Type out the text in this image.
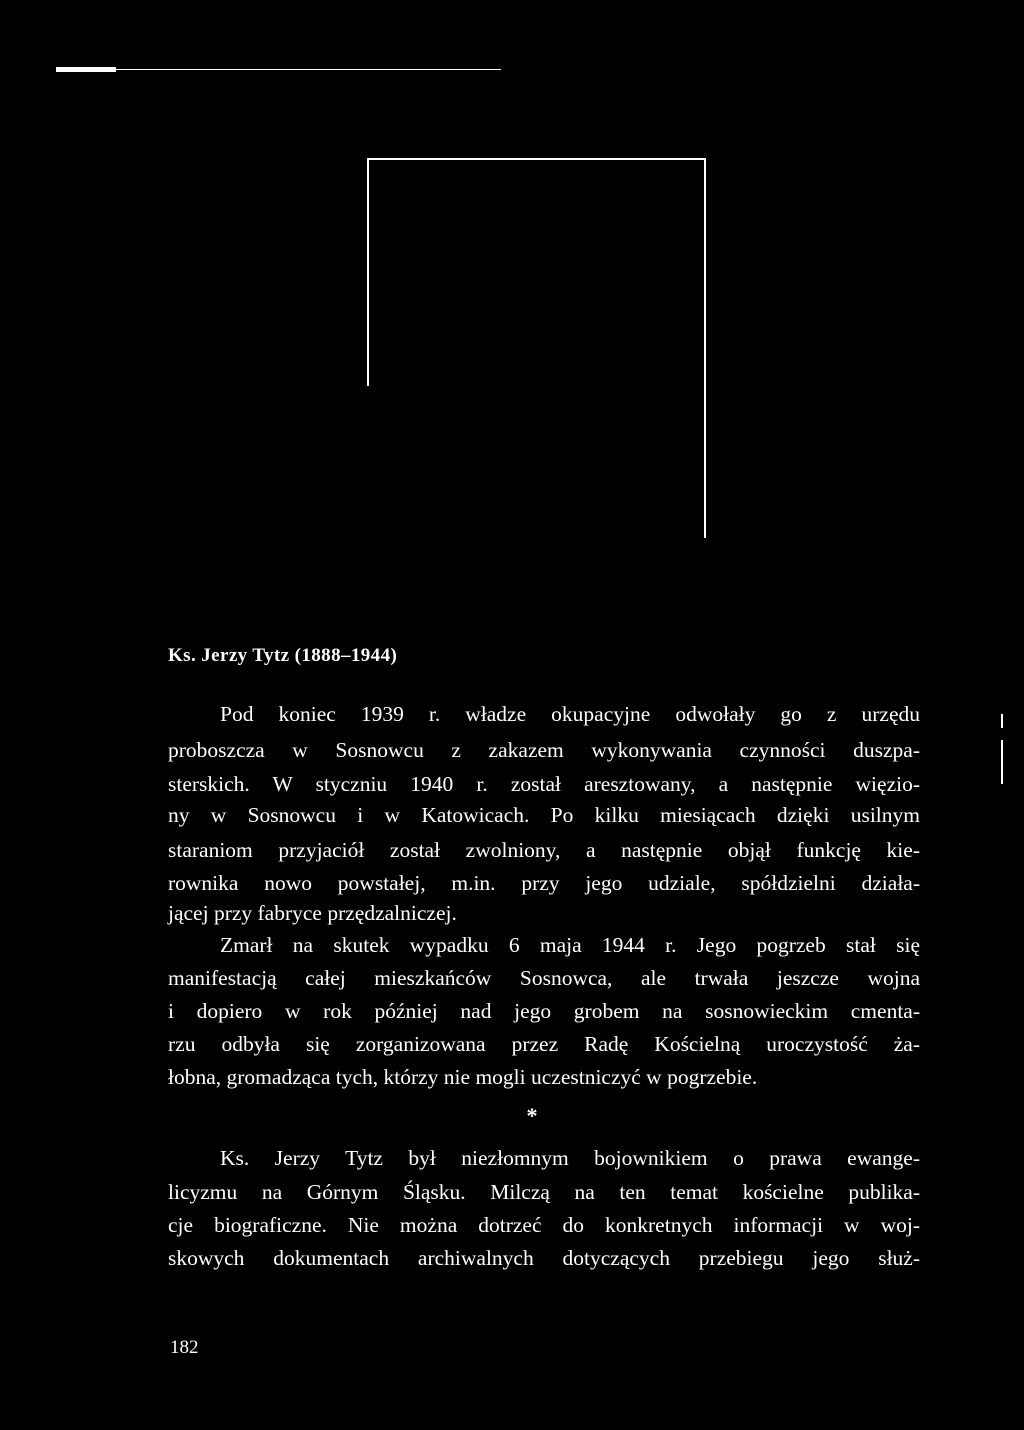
Ks. Jerzy Tytz (1888–1944)
Pod koniec 1939 r. władze okupacyjne odwołały go z urzędu
proboszcza w Sosnowcu z zakazem wykonywania czynności duszpa-
sterskich. W styczniu 1940 r. został aresztowany, a następnie więzio-
ny w Sosnowcu i w Katowicach. Po kilku miesiącach dzięki usilnym
staraniom przyjaciół został zwolniony, a następnie objął funkcję kie-
rownika nowo powstałej, m.in. przy jego udziale, spółdzielni działa-
jącej przy fabryce przędzalniczej.
Zmarł na skutek wypadku 6 maja 1944 r. Jego pogrzeb stał się
manifestacją całej mieszkańców Sosnowca, ale trwała jeszcze wojna
i dopiero w rok później nad jego grobem na sosnowieckim cmenta-
rzu odbyła się zorganizowana przez Radę Kościelną uroczystość ża-
łobna, gromadząca tych, którzy nie mogli uczestniczyć w pogrzebie.
*
Ks. Jerzy Tytz był niezłomnym bojownikiem o prawa ewange-
licyzmu na Górnym Śląsku. Milczą na ten temat kościelne publika-
cje biograficzne. Nie można dotrzeć do konkretnych informacji w woj-
skowych dokumentach archiwalnych dotyczących przebiegu jego służ-
182
